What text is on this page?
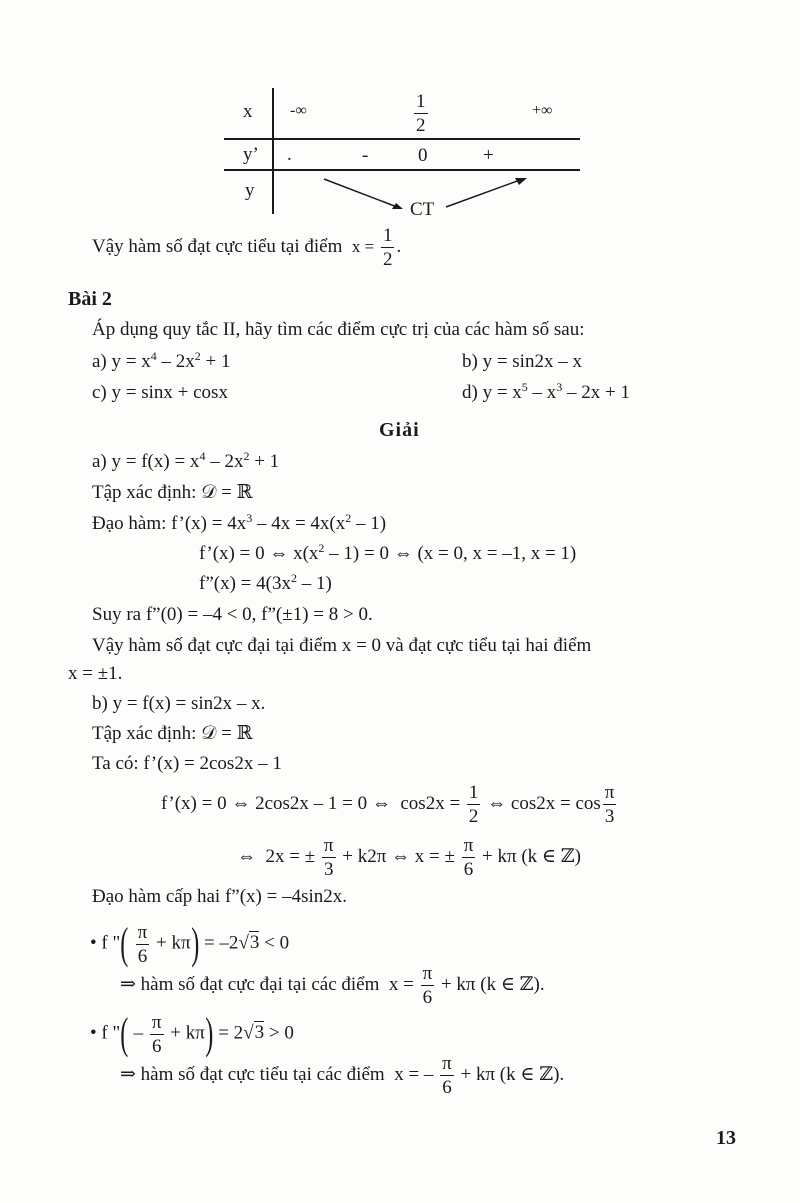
x -∞	$\frac{1}{2}$	+∞
y’ .	-	0	+
y
CT
Vậy hàm số đạt cực tiểu tại điểm $x = \frac{1}{2}$ .
Bài 2
Áp dụng quy tắc II, hãy tìm các điểm cực trị của các hàm số sau:
a) $y = x^4 - 2x^2 + 1$	b) y = sin2x – x
c) y = sinx + cosx	d) $y = x^5 - x^3 - 2x + 1$
Giải
a) $y = f(x) = x^4 - 2x^2 + 1$
Tập xác định: 𝒟 = ℝ
Đạo hàm: f’(x) = $4x^3 - 4x = 4x(x^2 - 1)$
f’(x) = 0 ⇔ $x(x^2 - 1) = 0$ ⇔ (x = 0, x = –1, x = 1)
f”(x) = $4(3x^2 - 1)$
Suy ra f”(0) = –4 < 0, f”(±1) = 8 > 0.
Vậy hàm số đạt cực đại tại điểm x = 0 và đạt cực tiểu tại hai điểm
x = ±1.
b) y = f(x) = sin2x – x.
Tập xác định: 𝒟 = ℝ
Ta có: f’(x) = 2cos2x – 1
f’(x) = 0 ⇔ 2cos2x – 1 = 0 ⇔ $\cos 2x = \frac{1}{2}$ ⇔ $\cos 2x = \cos \frac{\pi}{3}$
⇔ 2x = ± $\frac{\pi}{3} + k2\pi$ ⇔ x = ± $\frac{\pi}{6} + k\pi$ (k ∈ ℤ)
Đạo hàm cấp hai f”(x) = –4sin2x.
• f "( $\frac{\pi}{6} + k\pi) = -2√3 < 0$
⇒ hàm số đạt cực đại tại các điểm $x = \frac{\pi}{6} + k\pi$ (k ∈ ℤ).
• f "( – $\frac{\pi}{6} + k\pi) = 2√3 > 0$
⇒ hàm số đạt cực tiểu tại các điểm x = – $\frac{\pi}{6} + k\pi$ (k ∈ ℤ).
13
